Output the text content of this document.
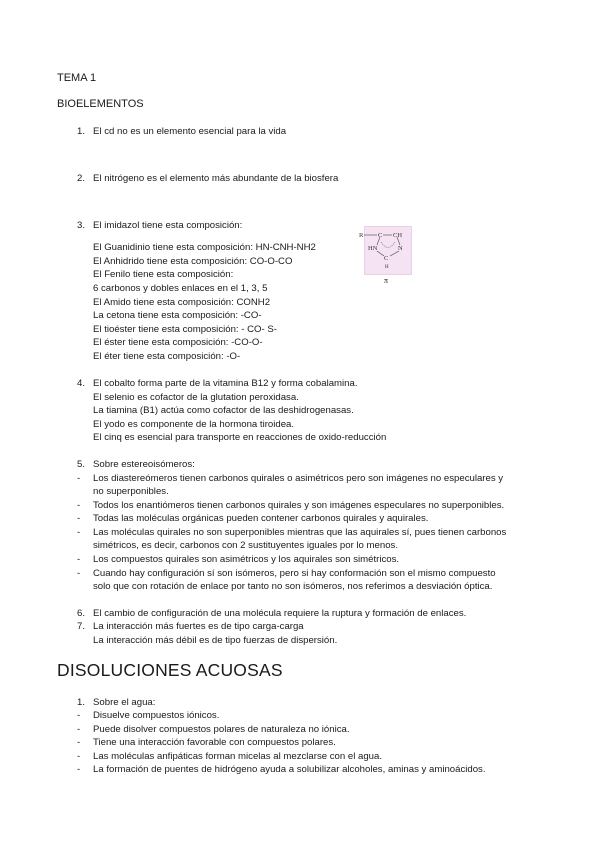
TEMA 1
BIOELEMENTOS
1. El cd no es un elemento esencial para la vida
2. El nitrógeno es el elemento más abundante de la biosfera
3. El imidazol tiene esta composición:
El Guanidinio tiene esta composición: HN-CNH-NH2
El Anhidrido tiene esta composición: CO-O-CO
El Fenilo tiene esta composición:
6 carbonos y dobles enlaces en el 1, 3, 5
El Amido tiene esta composición: CONH2
La cetona tiene esta composición: -CO-
El tioéster tiene esta composición: - CO- S-
El éster tiene esta composición: -CO-O-
El éter tiene esta composición: -O-
R C CH
HN	N
C
H
π
4. El cobalto forma parte de la vitamina B12 y forma cobalamina.
El selenio es cofactor de la glutation peroxidasa.
La tiamina (B1) actúa como cofactor de las deshidrogenasas.
El yodo es componente de la hormona tiroidea.
El cinq es esencial para transporte en reacciones de oxido-reducción
5. Sobre estereoisómeros:
- Los diastereómeros tienen carbonos quirales o asimétricos pero son imágenes no especulares y
no superponibles.
- Todos los enantiómeros tienen carbonos quirales y son imágenes especulares no superponibles.
- Todas las moléculas orgánicas pueden contener carbonos quirales y aquirales.
- Las moléculas quirales no son superponibles mientras que las aquirales sí, pues tienen carbonos
simétricos, es decir, carbonos con 2 sustituyentes iguales por lo menos.
- Los compuestos quirales son asimétricos y los aquirales son simétricos.
- Cuando hay configuración sí son isómeros, pero si hay conformación son el mismo compuesto
solo que con rotación de enlace por tanto no son isómeros, nos referimos a desviación óptica.
6. El cambio de configuración de una molécula requiere la ruptura y formación de enlaces.
7. La interacción más fuertes es de tipo carga-carga
La interacción más débil es de tipo fuerzas de dispersión.
DISOLUCIONES ACUOSAS
1. Sobre el agua:
- Disuelve compuestos iónicos.
- Puede disolver compuestos polares de naturaleza no iónica.
- Tiene una interacción favorable con compuestos polares.
- Las moléculas anfipáticas forman micelas al mezclarse con el agua.
- La formación de puentes de hidrógeno ayuda a solubilizar alcoholes, aminas y aminoácidos.
